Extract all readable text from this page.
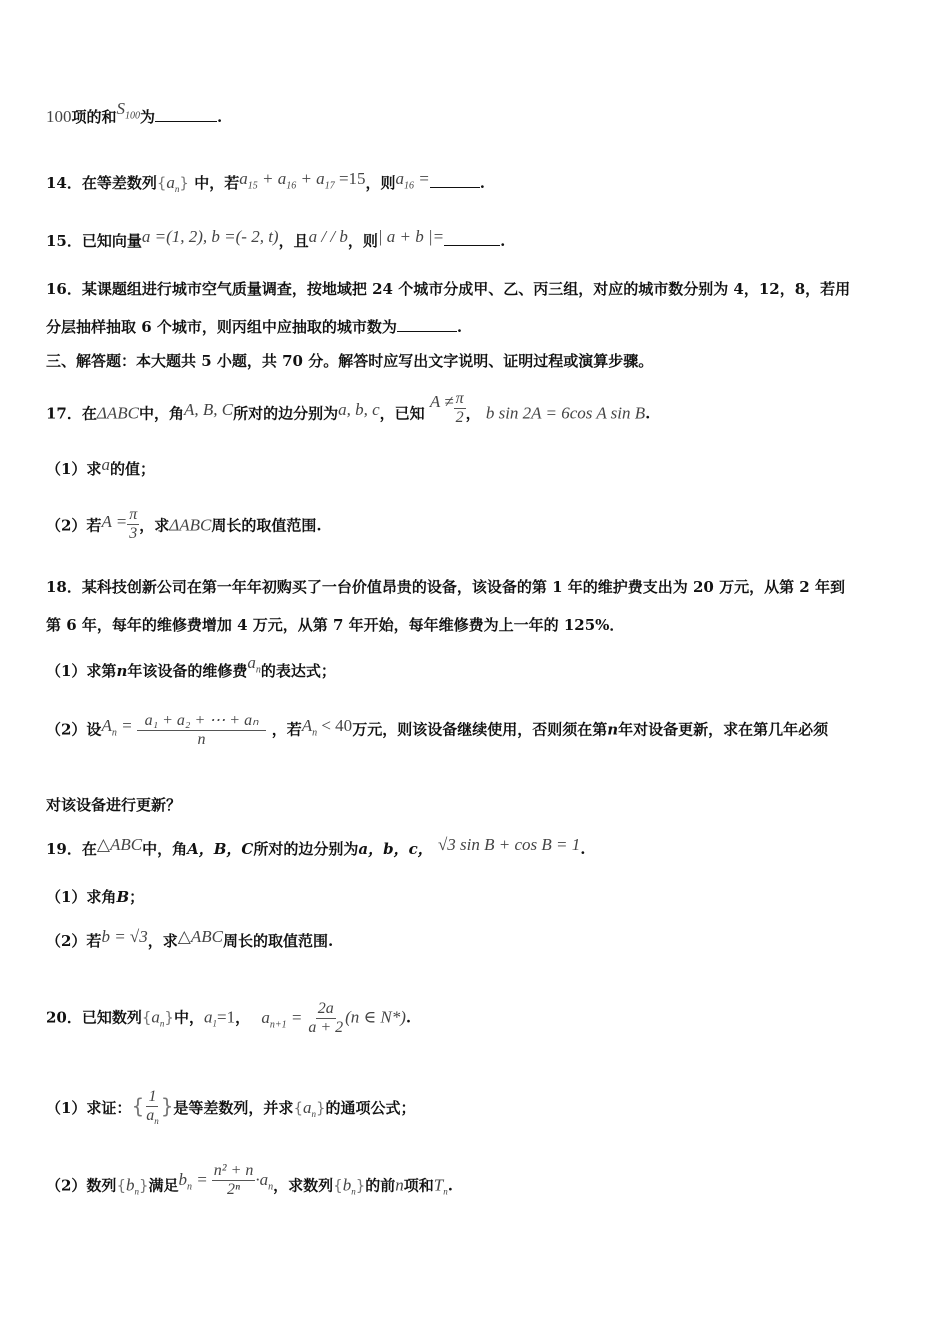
100项的和$S_{100}$为	.
14．在等差数列$\{a_n\}$ 中，若$a_{15} + a_{16} + a_{17} =15$，则$a_{16}$ =	.
15．已知向量a =(1, 2), b =(- 2, t)，且a / / b，则| a + b |=	.
16．某课题组进行城市空气质量调查，按地域把 24 个城市分成甲、乙、丙三组，对应的城市数分别为 4，12，8，若用
分层抽样抽取 6 个城市，则丙组中应抽取的城市数为	.
三、解答题：本大题共 5 小题，共 70 分。解答时应写出文字说明、证明过程或演算步骤。
17．在ΔABC中，角A, B, C所对的边分别为a, b, c，已知 $A \ne \frac{\pi}{2}$ ， b sin 2A = 6cos A sin B.
（1）求a的值；
（2）若$A = \frac{\pi}{3}$ ，求ΔABC周长的取值范围.
18．某科技创新公司在第一年年初购买了一台价值昂贵的设备，该设备的第 1 年的维护费支出为 20 万元，从第 2 年到
第 6 年，每年的维修费增加 4 万元，从第 7 年开始，每年维修费为上一年的 125%．
（1）求第n年该设备的维修费$a_n$的表达式；
（2）设$A_n = \frac{\text{a₁ + a₂ + ⋯ + aₙ}}{n}$ ，若$A_n < 40$万元，则该设备继续使用，否则须在第n年对设备更新，求在第几年必须
对该设备进行更新？
19．在△ABC中，角A，B，C所对的边分别为a，b，c， √3 sin B + cos B = 1.
（1）求角B；
（2）若b = √3，求△ABC周长的取值范围.
20．已知数列$\{a_n\}$中，$a_1=1$， $a_{n+1} = \frac{2a}{a + 2} (n$ ∈ N*).
（1）求证：{ $\frac{1}{a_n}$ }是等差数列，并求$\{a_n\}$的通项公式；
（2）数列$\{b_n\}$满足$b_n = \frac{\text{n² + n}}{\text{2ⁿ}} \cdot a_n$，求数列$\{b_n\}$的前n项和$T_n$.
